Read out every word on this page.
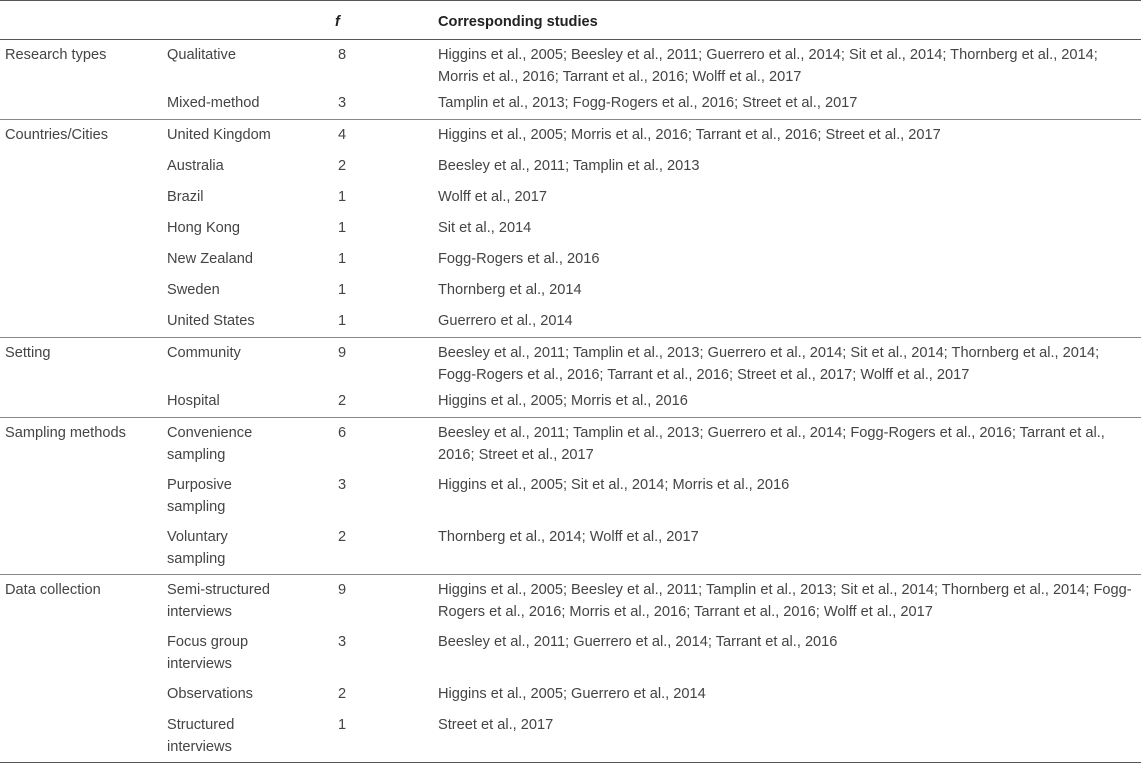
		f	Corresponding studies
Research types	Qualitative	8	Higgins et al., 2005; Beesley et al., 2011; Guerrero et al., 2014; Sit et al., 2014; Thornberg et al., 2014; Morris et al., 2016; Tarrant et al., 2016; Wolff et al., 2017
	Mixed-method	3	Tamplin et al., 2013; Fogg-Rogers et al., 2016; Street et al., 2017
Countries/Cities	United Kingdom	4	Higgins et al., 2005; Morris et al., 2016; Tarrant et al., 2016; Street et al., 2017
	Australia	2	Beesley et al., 2011; Tamplin et al., 2013
	Brazil	1	Wolff et al., 2017
	Hong Kong	1	Sit et al., 2014
	New Zealand	1	Fogg-Rogers et al., 2016
	Sweden	1	Thornberg et al., 2014
	United States	1	Guerrero et al., 2014
Setting	Community	9	Beesley et al., 2011; Tamplin et al., 2013; Guerrero et al., 2014; Sit et al., 2014; Thornberg et al., 2014; Fogg-Rogers et al., 2016; Tarrant et al., 2016; Street et al., 2017; Wolff et al., 2017
	Hospital	2	Higgins et al., 2005; Morris et al., 2016
Sampling methods	Convenience sampling	6	Beesley et al., 2011; Tamplin et al., 2013; Guerrero et al., 2014; Fogg-Rogers et al., 2016; Tarrant et al., 2016; Street et al., 2017
	Purposive sampling	3	Higgins et al., 2005; Sit et al., 2014; Morris et al., 2016
	Voluntary sampling	2	Thornberg et al., 2014; Wolff et al., 2017
Data collection	Semi-structured interviews	9	Higgins et al., 2005; Beesley et al., 2011; Tamplin et al., 2013; Sit et al., 2014; Thornberg et al., 2014; Fogg-Rogers et al., 2016; Morris et al., 2016; Tarrant et al., 2016; Wolff et al., 2017
	Focus group interviews	3	Beesley et al., 2011; Guerrero et al., 2014; Tarrant et al., 2016
	Observations	2	Higgins et al., 2005; Guerrero et al., 2014
	Structured interviews	1	Street et al., 2017
